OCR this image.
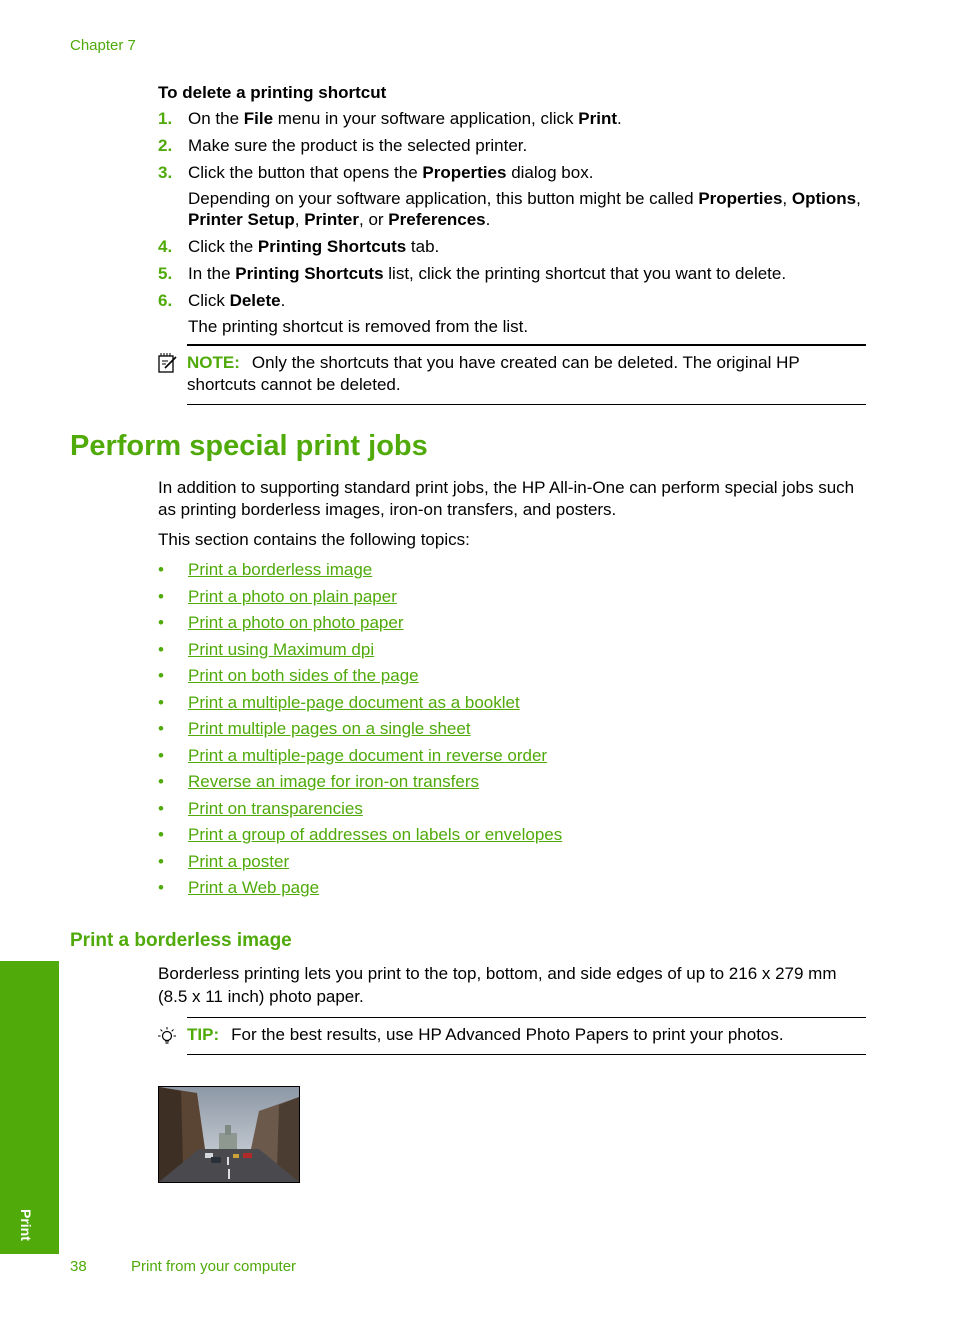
Chapter 7
To delete a printing shortcut
1. On the File menu in your software application, click Print.
2. Make sure the product is the selected printer.
3. Click the button that opens the Properties dialog box.
Depending on your software application, this button might be called Properties, Options, Printer Setup, Printer, or Preferences.
4. Click the Printing Shortcuts tab.
5. In the Printing Shortcuts list, click the printing shortcut that you want to delete.
6. Click Delete.
The printing shortcut is removed from the list.
NOTE: Only the shortcuts that you have created can be deleted. The original HP shortcuts cannot be deleted.
Perform special print jobs

In addition to supporting standard print jobs, the HP All-in-One can perform special jobs such as printing borderless images, iron-on transfers, and posters.

This section contains the following topics:

• Print a borderless image
• Print a photo on plain paper
• Print a photo on photo paper
• Print using Maximum dpi
• Print on both sides of the page
• Print a multiple-page document as a booklet
• Print multiple pages on a single sheet
• Print a multiple-page document in reverse order
• Reverse an image for iron-on transfers
• Print on transparencies
• Print a group of addresses on labels or envelopes
• Print a poster
• Print a Web page
Print a borderless image

Borderless printing lets you print to the top, bottom, and side edges of up to 216 x 279 mm (8.5 x 11 inch) photo paper.

TIP: For the best results, use HP Advanced Photo Papers to print your photos.
Print
38	Print from your computer
